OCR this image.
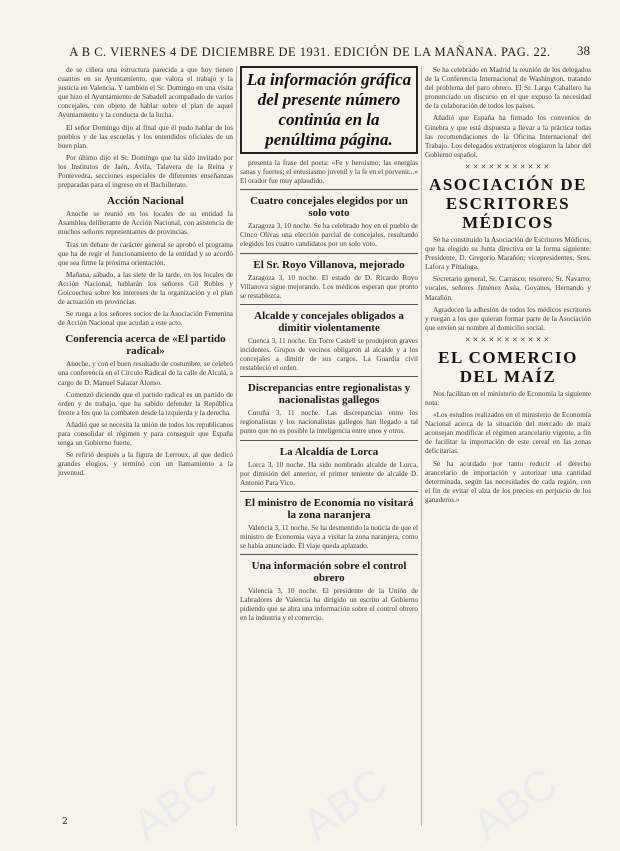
A B C. VIERNES 4 DE DICIEMBRE DE 1931. EDICIÓN DE LA MAÑANA. PAG. 22.	38

de se ciñera una estructura parecida a que hoy tienen cuantos en su Ayuntamiento, que valora el trabajo y la justicia en Valencia. Y también el Sr. Domingo en una visita que hizo el Ayuntamiento de Sabadell acompañado de varios concejales, con objeto de hablar sobre el plan de aquel Ayuntamiento y la conducta de la lucha.

El señor Domingo dijo al final que él pudo hablar de los pueblos y de las escuelas y los entendidos oficiales de un buen plan.

Por último dijo el Sr. Domingo que ha sido invitado por los Institutos de Jaén, Ávila, Talavera de la Reina y Pontevedra, secciones especiales de diferentes enseñanzas preparadas para el ingreso en el Bachillerato.

Acción Nacional

Anoche se reunió en los locales de su entidad la Asamblea deliberante de Acción Nacional, con asistencia de muchos señores representantes de provincias.

Tras un debate de carácter general se aprobó el programa que ha de regir el funcionamiento de la entidad y se acordó que sea firme la próxima orientación.

Mañana, sábado, a las siete de la tarde, en los locales de Acción Nacional, hablarán los señores Gil Robles y Goicoechea sobre los intereses de la organización y el plan de actuación en provincias.

Se ruega a los señores socios de la Asociación Femenina de Acción Nacional que acudan a este acto.

Conferencia acerca de «El partido radical»

Anoche, y con el buen resultado de costumbre, se celebró una conferencia en el Círculo Radical de la calle de Alcalá, a cargo de D. Manuel Salazar Alonso.

Comenzó diciendo que el partido radical es un partido de orden y de trabajo, que ha sabido defender la República frente a los que la combaten desde la izquierda y la derecha.

Añadió que se necesita la unión de todos los republicanos para consolidar el régimen y para conseguir que España tenga un Gobierno fuerte.

Se refirió después a la figura de Lerroux, al que dedicó grandes elogios, y terminó con un llamamiento a la juventud.

La información gráfica del presente número continúa en la penúltima página.

presenta la frase del poeta: «Fe y heroísmo; las energías sanas y fuertes; el entusiasmo juvenil y la fe en el porvenir...» El orador fue muy aplaudido.

Cuatro concejales elegidos por un solo voto

Zaragoza 3, 10 noche. Se ha celebrado hoy en el pueblo de Cinco Olivas una elección parcial de concejales, resultando elegidos los cuatro candidatos por un solo voto.

El Sr. Royo Villanova, mejorado

Zaragoza 3, 10 noche. El estado de D. Ricardo Royo Villanova sigue mejorando. Los médicos esperan que pronto se restablezca.

Alcalde y concejales obligados a dimitir violentamente

Cuenca 3, 11 noche. En Torre Castell se produjeron graves incidentes. Grupos de vecinos obligaron al alcalde y a los concejales a dimitir de sus cargos. La Guardia civil restableció el orden.

Discrepancias entre regionalistas y nacionalistas gallegos

Coruña 3, 11 noche. Las discrepancias entre los regionalistas y los nacionalistas gallegos han llegado a tal punto que no es posible la inteligencia entre unos y otros.

La Alcaldía de Lorca

Lorca 3, 10 noche. Ha sido nombrado alcalde de Lorca, por dimisión del anterior, el primer teniente de alcalde D. Antonio Para Vico.

El ministro de Economía no visitará la zona naranjera

Valencia 3, 11 noche. Se ha desmentido la noticia de que el ministro de Economía vaya a visitar la zona naranjera, como se había anunciado. El viaje queda aplazado.

Una información sobre el control obrero

Valencia 3, 10 noche. El presidente de la Unión de Labradores de Valencia ha dirigido un escrito al Gobierno pidiendo que se abra una información sobre el control obrero en la industria y el comercio.

Se ha celebrado en Madrid la reunión de los delegados de la Conferencia Internacional de Washington, tratando del problema del paro obrero. El Sr. Largo Caballero ha pronunciado un discurso en el que expuso la necesidad de la colaboración de todos los países.

Añadió que España ha firmado los convenios de Ginebra y que está dispuesta a llevar a la práctica todas las recomendaciones de la Oficina Internacional del Trabajo. Los delegados extranjeros elogiaron la labor del Gobierno español.

✕✕✕✕✕✕✕✕✕✕✕
ASOCIACIÓN DE ESCRITORES MÉDICOS

Se ha constituido la Asociación de Escritores Médicos, que ha elegido su Junta directiva en la forma siguiente: Presidente, D. Gregorio Marañón; vicepresidentes, Sres. Lafora y Pittaluga.

Secretario general, Sr. Carrasco; tesorero, Sr. Navarro; vocales, señores Jiménez Asúa, Goyanes, Hernando y Marañón.

Agradecen la adhesión de todos los médicos escritores y ruegan a los que quieran formar parte de la Asociación que envíen su nombre al domicilio social.

✕✕✕✕✕✕✕✕✕✕✕
EL COMERCIO DEL MAÍZ

Nos facilitan en el ministerio de Economía la siguiente nota:

«Los estudios realizados en el ministerio de Economía Nacional acerca de la situación del mercado de maíz aconsejan modificar el régimen arancelario vigente, a fin de facilitar la importación de este cereal en las zonas deficitarias.

Se ha acordado por tanto reducir el derecho arancelario de importación y autorizar una cantidad determinada, según las necesidades de cada región, con el fin de evitar el alza de los precios en perjuicio de los ganaderos.»

2 ABC ABC ABC
